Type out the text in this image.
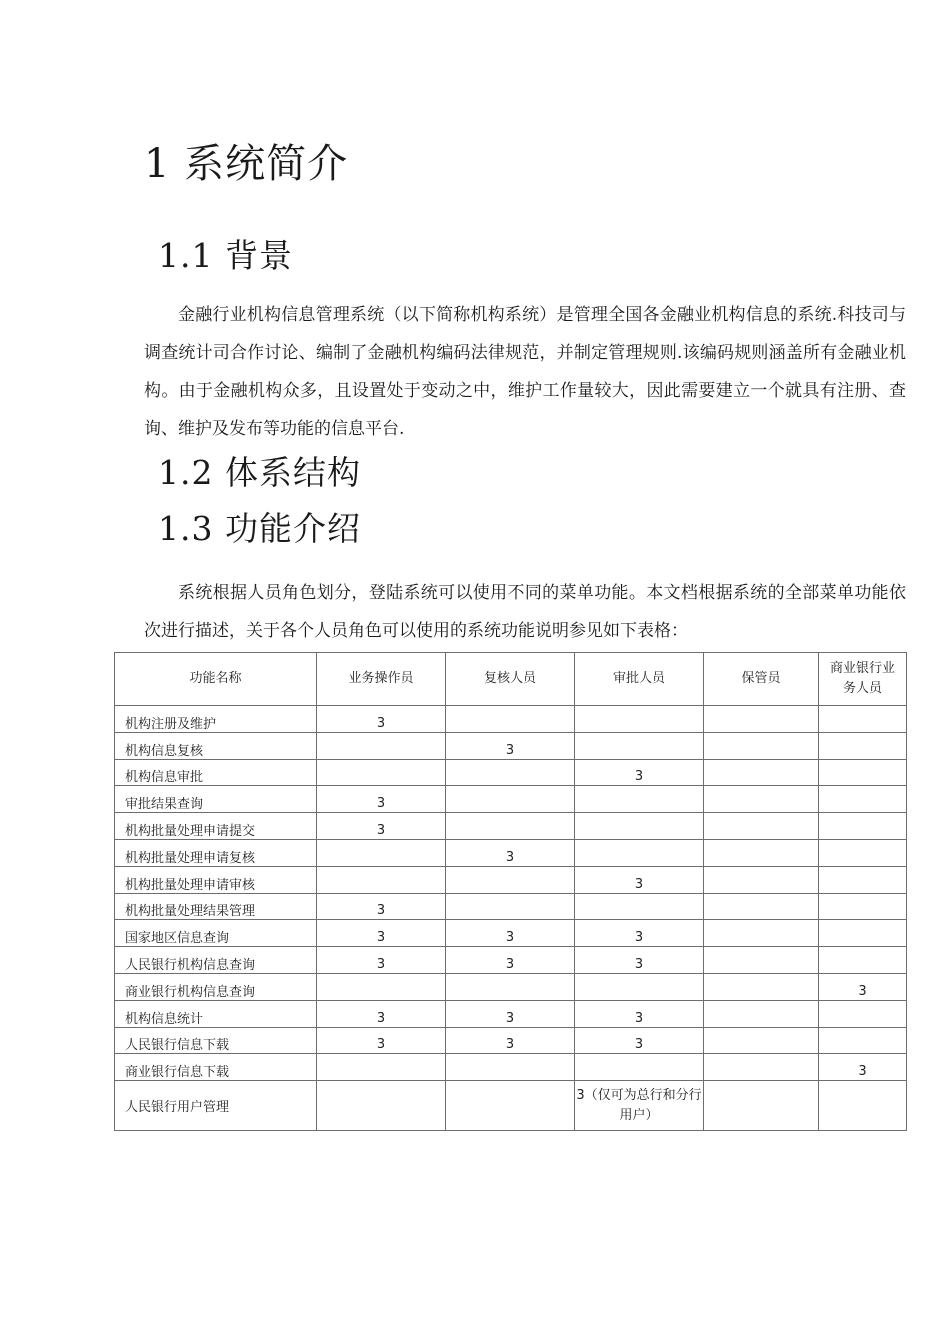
1 系统简介
1.1 背景

金融行业机构信息管理系统（以下简称机构系统）是管理全国各金融业机构信息的系统.科技司与调查统计司合作讨论、编制了金融机构编码法律规范，并制定管理规则.该编码规则涵盖所有金融业机构。由于金融机构众多，且设置处于变动之中，维护工作量较大，因此需要建立一个就具有注册、查询、维护及发布等功能的信息平台.

1.2 体系结构
1.3 功能介绍

系统根据人员角色划分，登陆系统可以使用不同的菜单功能。本文档根据系统的全部菜单功能依次进行描述，关于各个人员角色可以使用的系统功能说明参见如下表格：

功能名称	业务操作员	复核人员	审批人员	保管员	商业银行业务人员
机构注册及维护	3				
机构信息复核		3			
机构信息审批			3		
审批结果查询	3				
机构批量处理申请提交	3				
机构批量处理申请复核		3			
机构批量处理申请审核			3		
机构批量处理结果管理	3				
国家地区信息查询	3	3	3		
人民银行机构信息查询	3	3	3		
商业银行机构信息查询					3
机构信息统计	3	3	3		
人民银行信息下载	3	3	3		
商业银行信息下载					3
人民银行用户管理			3（仅可为总行和分行用户）		
